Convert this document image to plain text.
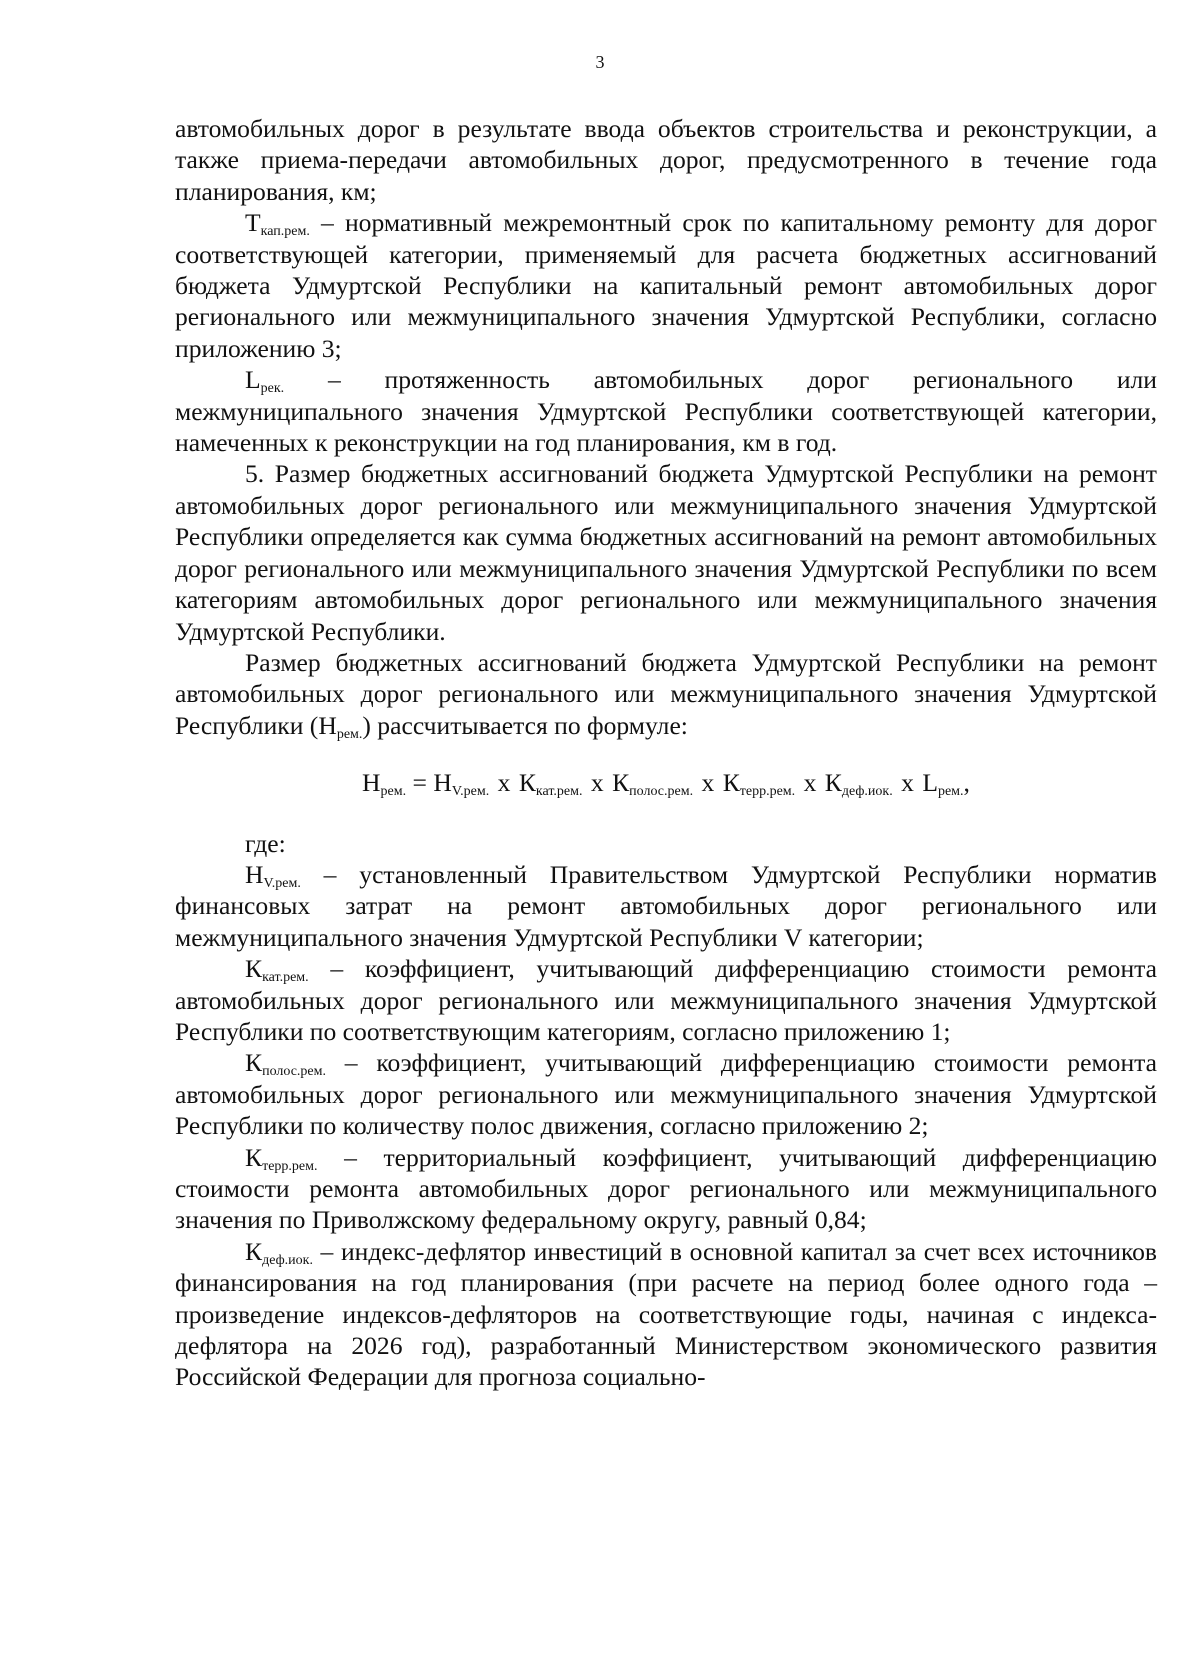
3

автомобильных дорог в результате ввода объектов строительства и реконструкции, а также приема-передачи автомобильных дорог, предусмотренного в течение года планирования, км;

$Т_{кап.рем.}$ – нормативный межремонтный срок по капитальному ремонту для дорог соответствующей категории, применяемый для расчета бюджетных ассигнований бюджета Удмуртской Республики на капитальный ремонт автомобильных дорог регионального или межмуниципального значения Удмуртской Республики, согласно приложению 3;

$L_{рек.}$ – протяженность автомобильных дорог регионального или межмуниципального значения Удмуртской Республики соответствующей категории, намеченных к реконструкции на год планирования, км в год.

5. Размер бюджетных ассигнований бюджета Удмуртской Республики на ремонт автомобильных дорог регионального или межмуниципального значения Удмуртской Республики определяется как сумма бюджетных ассигнований на ремонт автомобильных дорог регионального или межмуниципального значения Удмуртской Республики по всем категориям автомобильных дорог регионального или межмуниципального значения Удмуртской Республики.

Размер бюджетных ассигнований бюджета Удмуртской Республики на ремонт автомобильных дорог регионального или межмуниципального значения Удмуртской Республики $(Н_{рем.})$ рассчитывается по формуле:

$Н_{рем.} = Н_{V.рем.}$ x $К_{кат.рем.}$ x $К_{полос.рем.}$ x $К_{терр.рем.}$ x $К_{деф.иок.}$ x $L_{рем.}$,

где:

$Н_{V.рем.}$ – установленный Правительством Удмуртской Республики норматив финансовых затрат на ремонт автомобильных дорог регионального или межмуниципального значения Удмуртской Республики V категории;

$К_{кат.рем.}$ – коэффициент, учитывающий дифференциацию стоимости ремонта автомобильных дорог регионального или межмуниципального значения Удмуртской Республики по соответствующим категориям, согласно приложению 1;

$К_{полос.рем.}$ – коэффициент, учитывающий дифференциацию стоимости ремонта автомобильных дорог регионального или межмуниципального значения Удмуртской Республики по количеству полос движения, согласно приложению 2;

$К_{терр.рем.}$ – территориальный коэффициент, учитывающий дифференциацию стоимости ремонта автомобильных дорог регионального или межмуниципального значения по Приволжскому федеральному округу, равный 0,84;

$К_{деф.иок.}$ – индекс-дефлятор инвестиций в основной капитал за счет всех источников финансирования на год планирования (при расчете на период более одного года – произведение индексов-дефляторов на соответствующие годы, начиная с индекса-дефлятора на 2026 год), разработанный Министерством экономического развития Российской Федерации для прогноза социально-
